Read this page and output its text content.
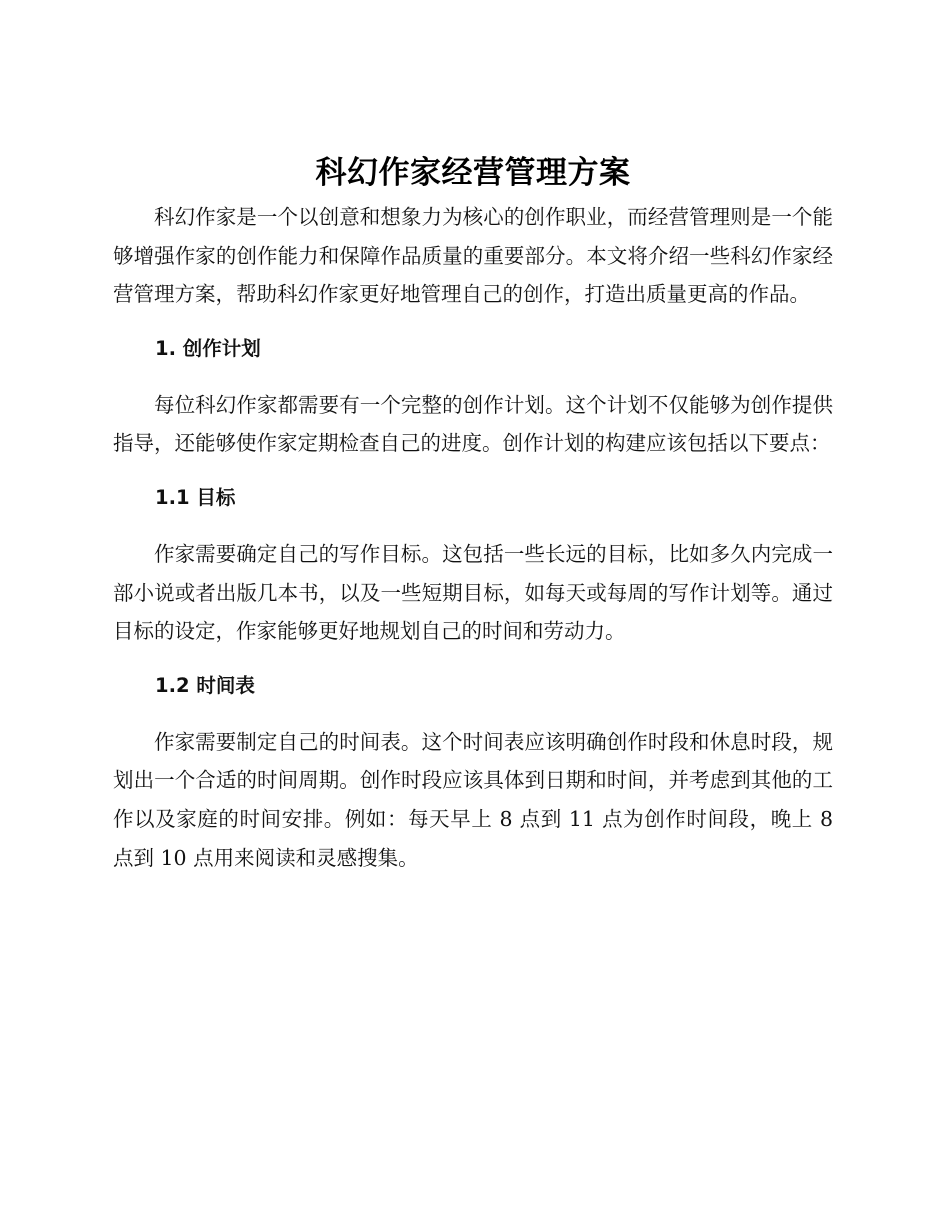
科幻作家经营管理方案

科幻作家是一个以创意和想象力为核心的创作职业，而经营管理则是一个能够增强作家的创作能力和保障作品质量的重要部分。本文将介绍一些科幻作家经营管理方案，帮助科幻作家更好地管理自己的创作，打造出质量更高的作品。

1. 创作计划

每位科幻作家都需要有一个完整的创作计划。这个计划不仅能够为创作提供指导，还能够使作家定期检查自己的进度。创作计划的构建应该包括以下要点：

1.1 目标

作家需要确定自己的写作目标。这包括一些长远的目标，比如多久内完成一部小说或者出版几本书，以及一些短期目标，如每天或每周的写作计划等。通过目标的设定，作家能够更好地规划自己的时间和劳动力。

1.2 时间表

作家需要制定自己的时间表。这个时间表应该明确创作时段和休息时段，规划出一个合适的时间周期。创作时段应该具体到日期和时间，并考虑到其他的工作以及家庭的时间安排。例如：每天早上 8 点到 11 点为创作时间段，晚上 8 点到 10 点用来阅读和灵感搜集。
